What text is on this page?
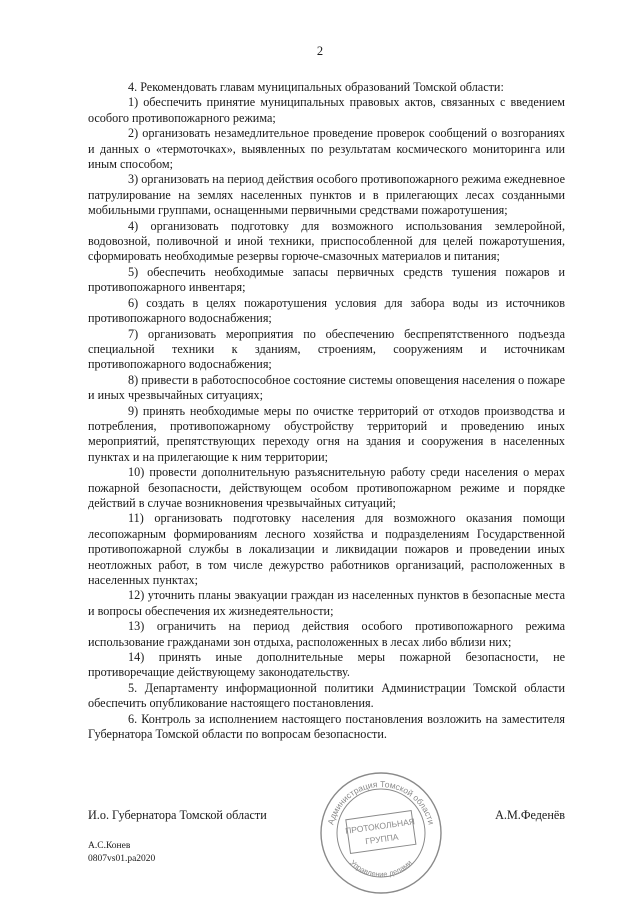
2

4. Рекомендовать главам муниципальных образований Томской области:

1) обеспечить принятие муниципальных правовых актов, связанных с введением особого противопожарного режима;

2) организовать незамедлительное проведение проверок сообщений о возгораниях и данных о «термоточках», выявленных по результатам космического мониторинга или иным способом;

3) организовать на период действия особого противопожарного режима ежедневное патрулирование на землях населенных пунктов и в прилегающих лесах созданными мобильными группами, оснащенными первичными средствами пожаротушения;

4) организовать подготовку для возможного использования землеройной, водовозной, поливочной и иной техники, приспособленной для целей пожаротушения, сформировать необходимые резервы горюче-смазочных материалов и питания;

5) обеспечить необходимые запасы первичных средств тушения пожаров и противопожарного инвентаря;

6) создать в целях пожаротушения условия для забора воды из источников противопожарного водоснабжения;

7) организовать мероприятия по обеспечению беспрепятственного подъезда специальной техники к зданиям, строениям, сооружениям и источникам противопожарного водоснабжения;

8) привести в работоспособное состояние системы оповещения населения о пожаре и иных чрезвычайных ситуациях;

9) принять необходимые меры по очистке территорий от отходов производства и потребления, противопожарному обустройству территорий и проведению иных мероприятий, препятствующих переходу огня на здания и сооружения в населенных пунктах и на прилегающие к ним территории;

10) провести дополнительную разъяснительную работу среди населения о мерах пожарной безопасности, действующем особом противопожарном режиме и порядке действий в случае возникновения чрезвычайных ситуаций;

11) организовать подготовку населения для возможного оказания помощи лесопожарным формированиям лесного хозяйства и подразделениям Государственной противопожарной службы в локализации и ликвидации пожаров и проведении иных неотложных работ, в том числе дежурство работников организаций, расположенных в населенных пунктах;

12) уточнить планы эвакуации граждан из населенных пунктов в безопасные места и вопросы обеспечения их жизнедеятельности;

13) ограничить на период действия особого противопожарного режима использование гражданами зон отдыха, расположенных в лесах либо вблизи них;

14) принять иные дополнительные меры пожарной безопасности, не противоречащие действующему законодательству.

5. Департаменту информационной политики Администрации Томской области обеспечить опубликование настоящего постановления.

6. Контроль за исполнением настоящего постановления возложить на заместителя Губернатора Томской области по вопросам безопасности.

И.о. Губернатора Томской области	А.М.Феденёв
Администрация Томской области
Управление делами
ПРОТОКОЛЬНАЯ
ГРУППА
А.С.Конев
0807vs01.pa2020
